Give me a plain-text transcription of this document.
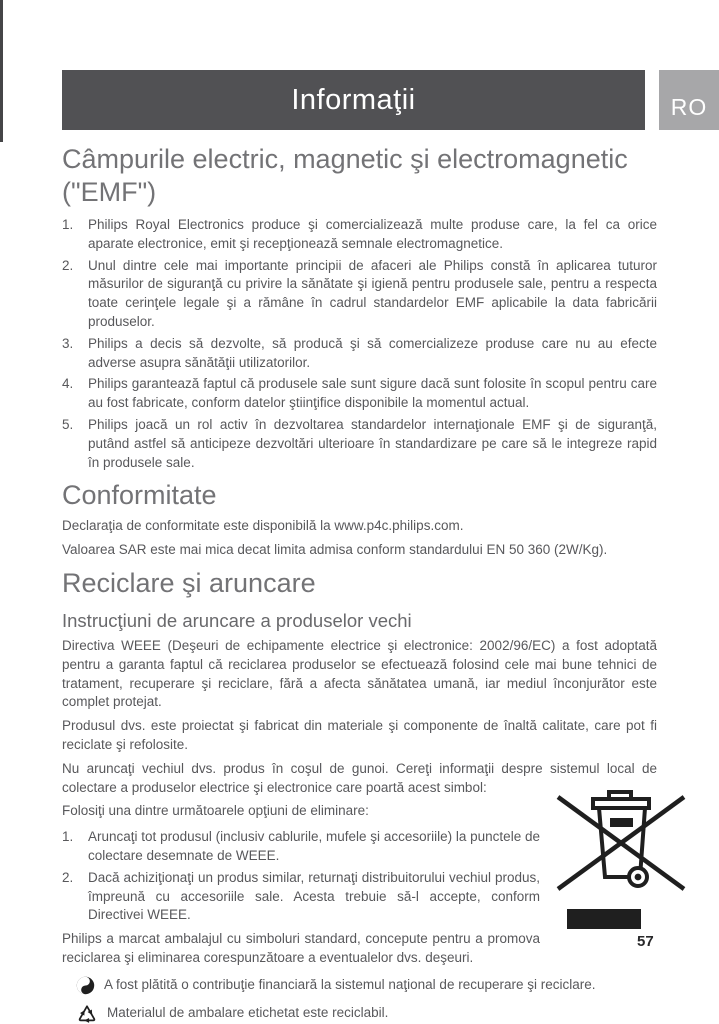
Informaţii	RO
Câmpurile electric, magnetic şi electromagnetic
("EMF")
1. Philips Royal Electronics produce şi comercializează multe produse care, la fel ca orice aparate electronice, emit şi recepţionează semnale electromagnetice.
2. Unul dintre cele mai importante principii de afaceri ale Philips constă în aplicarea tuturor măsurilor de siguranţă cu privire la sănătate şi igienă pentru produsele sale, pentru a respecta toate cerinţele legale şi a rămâne în cadrul standardelor EMF aplicabile la data fabricării produselor.
3. Philips a decis să dezvolte, să producă şi să comercializeze produse care nu au efecte adverse asupra sănătăţii utilizatorilor.
4. Philips garantează faptul că produsele sale sunt sigure dacă sunt folosite în scopul pentru care au fost fabricate, conform datelor ştiinţifice disponibile la momentul actual.
5. Philips joacă un rol activ în dezvoltarea standardelor internaţionale EMF şi de siguranţă, putând astfel să anticipeze dezvoltări ulterioare în standardizare pe care să le integreze rapid în produsele sale.
Conformitate

Declaraţia de conformitate este disponibilă la www.p4c.philips.com.

Valoarea SAR este mai mica decat limita admisa conform standardului EN 50 360 (2W/Kg).

Reciclare şi aruncare
Instrucţiuni de aruncare a produselor vechi

Directiva WEEE (Deşeuri de echipamente electrice şi electronice: 2002/96/EC) a fost adoptată pentru a garanta faptul că reciclarea produselor se efectuează folosind cele mai bune tehnici de tratament, recuperare şi reciclare, fără a afecta sănătatea umană, iar mediul înconjurător este complet protejat.

Produsul dvs. este proiectat şi fabricat din materiale şi componente de înaltă calitate, care pot fi reciclate şi refolosite.

Nu aruncaţi vechiul dvs. produs în coşul de gunoi. Cereţi informaţii despre sistemul local de colectare a produselor electrice şi electronice care poartă acest simbol:

Folosiţi una dintre următoarele opţiuni de eliminare:

1. Aruncaţi tot produsul (inclusiv cablurile, mufele şi accesoriile) la punctele de colectare desemnate de WEEE.
2. Dacă achiziţionaţi un produs similar, returnaţi distribuitorului vechiul produs, împreună cu accesoriile sale. Acesta trebuie să-l accepte, conform Directivei WEEE.

Philips a marcat ambalajul cu simboluri standard, concepute pentru a promova reciclarea şi eliminarea corespunzătoare a eventualelor dvs. deşeuri.

A fost plătită o contribuţie financiară la sistemul naţional de recuperare şi reciclare.
Materialul de ambalare etichetat este reciclabil.
57
